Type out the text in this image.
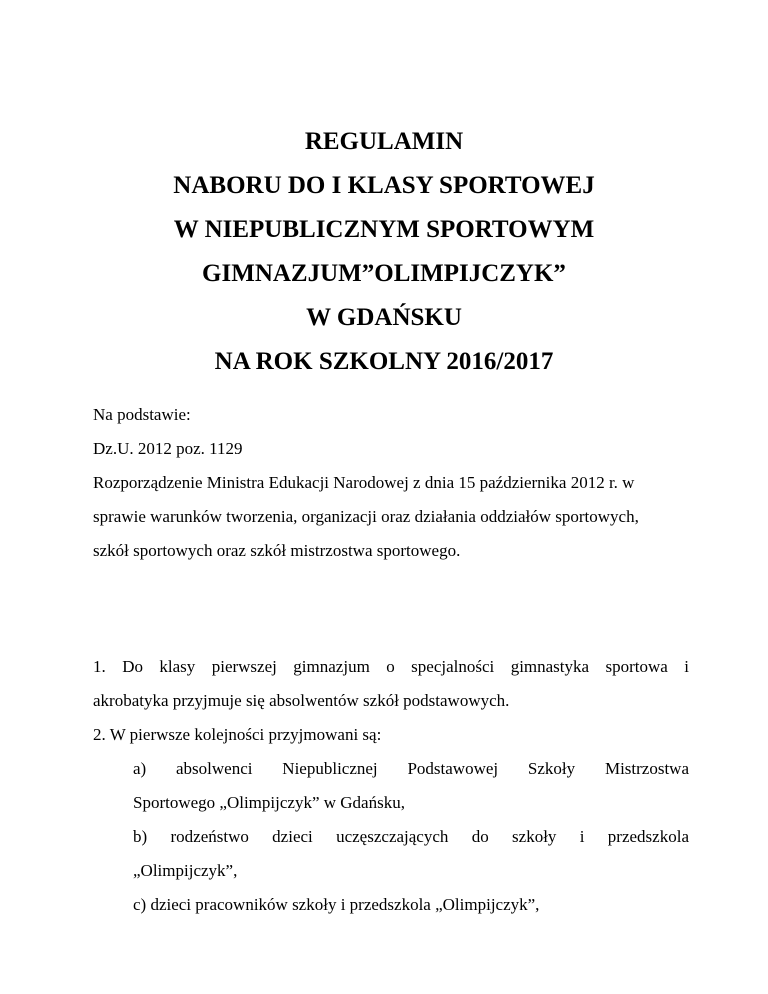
REGULAMIN

NABORU DO I KLASY SPORTOWEJ

W NIEPUBLICZNYM SPORTOWYM

GIMNAZJUM”OLIMPIJCZYK”

W GDAŃSKU

NA ROK SZKOLNY 2016/2017

Na podstawie:

Dz.U. 2012 poz. 1129

Rozporządzenie Ministra Edukacji Narodowej z dnia 15 października 2012 r. w

sprawie warunków tworzenia, organizacji oraz działania oddziałów sportowych,

szkół sportowych oraz szkół mistrzostwa sportowego.

1. Do klasy pierwszej gimnazjum o specjalności gimnastyka sportowa i

akrobatyka przyjmuje się absolwentów szkół podstawowych.

2. W pierwsze kolejności przyjmowani są:

a) absolwenci Niepublicznej Podstawowej Szkoły Mistrzostwa

Sportowego „Olimpijczyk” w Gdańsku,

b) rodzeństwo dzieci uczęszczających do szkoły i przedszkola

„Olimpijczyk”,

c) dzieci pracowników szkoły i przedszkola „Olimpijczyk”,
